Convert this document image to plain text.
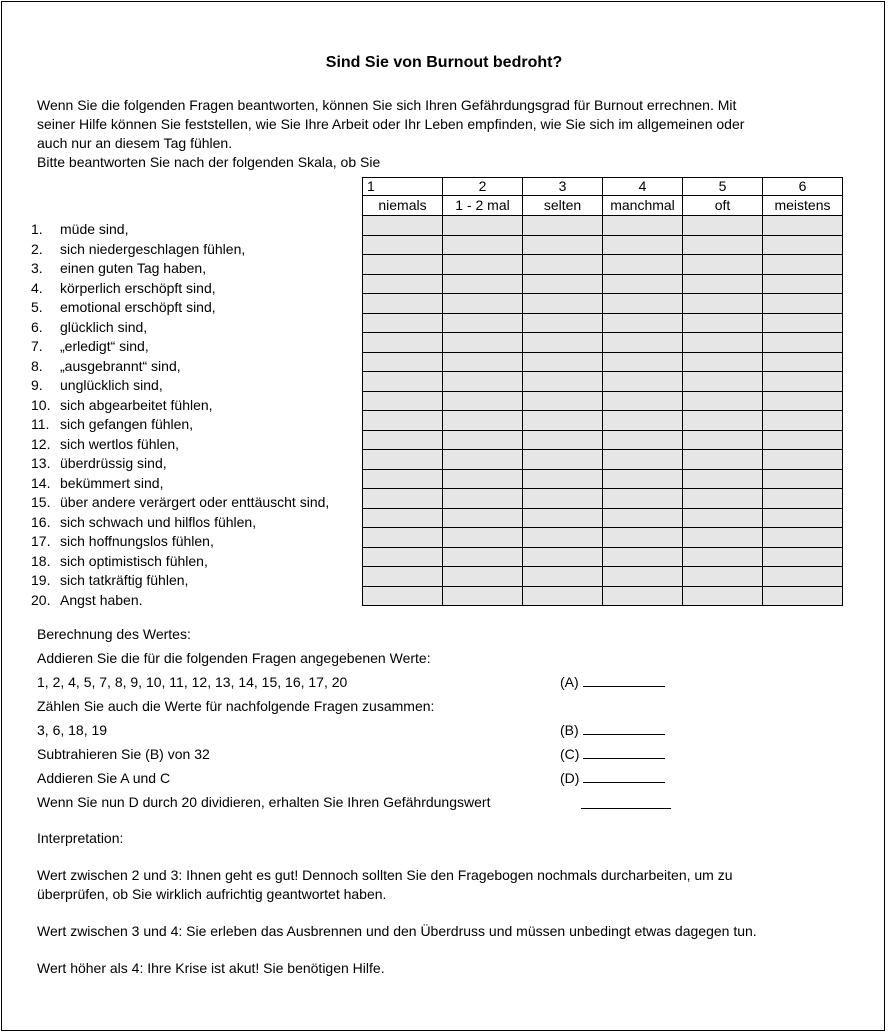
Sind Sie von Burnout bedroht?
Wenn Sie die folgenden Fragen beantworten, können Sie sich Ihren Gefährdungsgrad für Burnout errechnen. Mit
seiner Hilfe können Sie feststellen, wie Sie Ihre Arbeit oder Ihr Leben empfinden, wie Sie sich im allgemeinen oder
auch nur an diesem Tag fühlen.
Bitte beantworten Sie nach der folgenden Skala, ob Sie
1	2	3	4	5	6
niemals	1 - 2 mal	selten	manchmal	oft	meistens

1.	müde sind,
2.	sich niedergeschlagen fühlen,
3.	einen guten Tag haben,
4.	körperlich erschöpft sind,
5.	emotional erschöpft sind,
6.	glücklich sind,
7.	„erledigt“ sind,
8.	„ausgebrannt“ sind,
9.	unglücklich sind,
10. sich abgearbeitet fühlen,
11. sich gefangen fühlen,
12. sich wertlos fühlen,
13. überdrüssig sind,
14. bekümmert sind,
15. über andere verärgert oder enttäuscht sind,
16. sich schwach und hilflos fühlen,
17. sich hoffnungslos fühlen,
18. sich optimistisch fühlen,
19. sich tatkräftig fühlen,
20. Angst haben.
Berechnung des Wertes:
Addieren Sie die für die folgenden Fragen angegebenen Werte:
1, 2, 4, 5, 7, 8, 9, 10, 11, 12, 13, 14, 15, 16, 17, 20	(A)
Zählen Sie auch die Werte für nachfolgende Fragen zusammen:
3, 6, 18, 19	(B)
Subtrahieren Sie (B) von 32	(C)
Addieren Sie A und C	(D)
Wenn Sie nun D durch 20 dividieren, erhalten Sie Ihren Gefährdungswert
Interpretation:
Wert zwischen 2 und 3: Ihnen geht es gut! Dennoch sollten Sie den Fragebogen nochmals durcharbeiten, um zu
überprüfen, ob Sie wirklich aufrichtig geantwortet haben.
Wert zwischen 3 und 4: Sie erleben das Ausbrennen und den Überdruss und müssen unbedingt etwas dagegen tun.
Wert höher als 4: Ihre Krise ist akut! Sie benötigen Hilfe.
